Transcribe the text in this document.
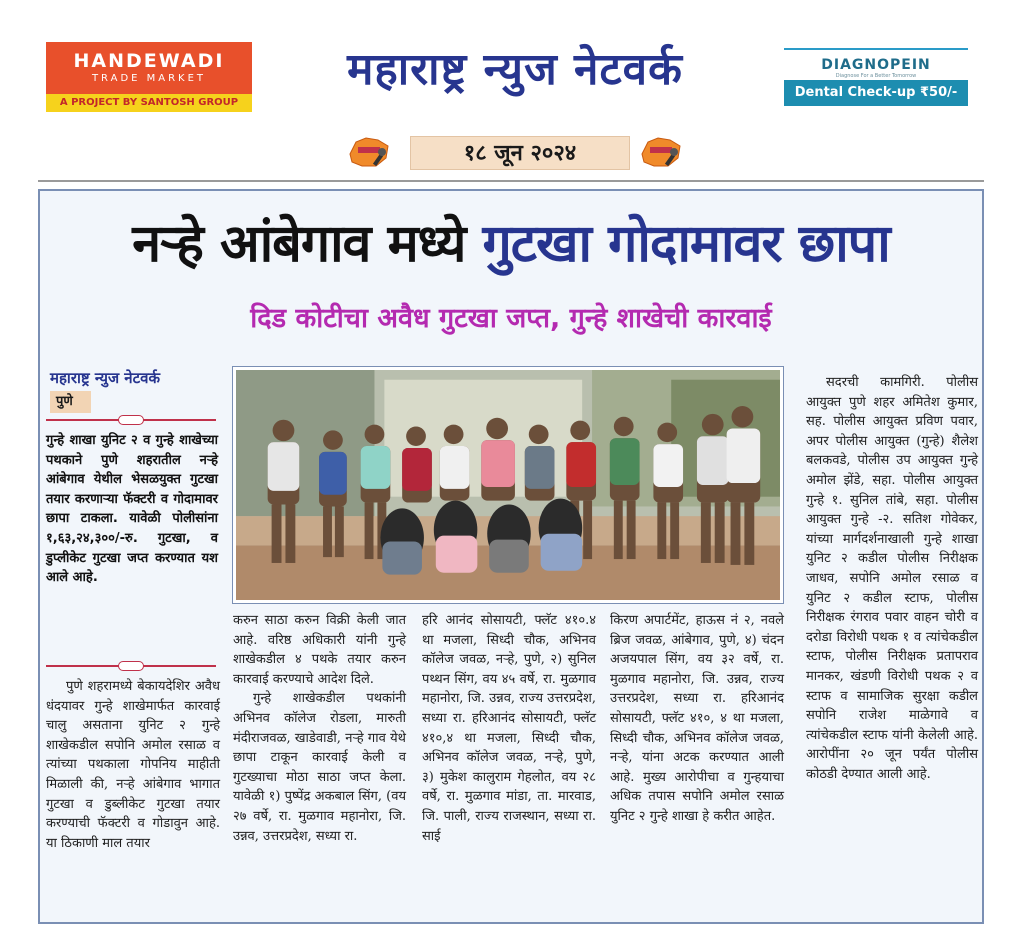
HANDEWADI
TRADE MARKET
A PROJECT BY SANTOSH GROUP
महाराष्ट्र न्युज नेटवर्क	DIAGNOPEIN
Diagnose For a Better Tomorrow
Dental Check-up ₹50/-
१८ जून २०२४
नऱ्हे आंबेगाव मध्ये गुटखा गोदामावर छापा
दिड कोटीचा अवैध गुटखा जप्त, गुन्हे शाखेची कारवाई
महाराष्ट्र न्युज नेटवर्क
पुणे
गुन्हे शाखा युनिट २ व गुन्हे शाखेच्या पथकाने पुणे शहरातील नऱ्हे आंबेगाव येथील भेसळयुक्त गुटखा तयार करणाऱ्या फॅक्टरी व गोदामावर छापा टाकला. यावेळी पोलीसांना १,६३,२४,३००/-रु. गुटखा, व डुप्लीकेट गुटखा जप्त करण्यात यश आले आहे.

पुणे शहरामध्ये बेकायदेशिर अवैध धंदयावर गुन्हे शाखेमार्फत कारवाई चालु असताना युनिट २ गुन्हे शाखेकडील सपोनि अमोल रसाळ व त्यांच्या पथकाला गोपनिय माहीती मिळाली की, नऱ्हे आंबेगाव भागात गुटखा व डुब्लीकेट गुटखा तयार करण्याची फॅक्टरी व गोडावुन आहे. या ठिकाणी माल तयार

करुन साठा करुन विक्री केली जात आहे. वरिष्ठ अधिकारी यांनी गुन्हे शाखेकडील ४ पथके तयार करुन कारवाई करण्याचे आदेश दिले.

गुन्हे शाखेकडील पथकांनी अभिनव कॉलेज रोडला, मारुती मंदीराजवळ, खाडेवाडी, नऱ्हे गाव येथे छापा टाकून कारवाई केली व गुटख्याचा मोठा साठा जप्त केला. यावेळी १) पुष्पेंद्र अकबाल सिंग, (वय २७ वर्षे, रा. मुळगाव महानोरा, जि. उन्नव, उत्तरप्रदेश, सध्या रा.

हरि आनंद सोसायटी, फ्लॅट ४१०.४ था मजला, सिध्दी चौक, अभिनव कॉलेज जवळ, नऱ्हे, पुणे, २) सुनिल पथ्थन सिंग, वय ४५ वर्षे, रा. मुळगाव महानोरा, जि. उन्नव, राज्य उत्तरप्रदेश, सध्या रा. हरिआनंद सोसायटी, फ्लॅट ४१०,४ था मजला, सिध्दी चौक, अभिनव कॉलेज जवळ, नऱ्हे, पुणे, ३) मुकेश कालुराम गेहलोत, वय २८ वर्षे, रा. मुळगाव मांडा, ता. मारवाड, जि. पाली, राज्य राजस्थान, सध्या रा. साई

किरण अपार्टमेंट, हाऊस नं २, नवले ब्रिज जवळ, आंबेगाव, पुणे, ४) चंदन अजयपाल सिंग, वय ३२ वर्षे, रा. मुळगाव महानोरा, जि. उन्नव, राज्य उत्तरप्रदेश, सध्या रा. हरिआनंद सोसायटी, फ्लॅट ४१०, ४ था मजला, सिध्दी चौक, अभिनव कॉलेज जवळ, नऱ्हे, यांना अटक करण्यात आली आहे. मुख्य आरोपीचा व गुन्हयाचा अधिक तपास सपोनि अमोल रसाळ युनिट २ गुन्हे शाखा हे करीत आहेत.

सदरची कामगिरी. पोलीस आयुक्त पुणे शहर अमितेश कुमार, सह. पोलीस आयुक्त प्रविण पवार, अपर पोलीस आयुक्त (गुन्हे) शैलेश बलकवडे, पोलीस उप आयुक्त गुन्हे अमोल झेंडे, सहा. पोलीस आयुक्त गुन्हे १. सुनिल तांबे, सहा. पोलीस आयुक्त गुन्हे -२. सतिश गोवेकर, यांच्या मार्गदर्शनाखाली गुन्हे शाखा युनिट २ कडील पोलीस निरीक्षक जाधव, सपोनि अमोल रसाळ व युनिट २ कडील स्टाफ, पोलीस निरीक्षक रंगराव पवार वाहन चोरी व दरोडा विरोधी पथक १ व त्यांचेकडील स्टाफ, पोलीस निरीक्षक प्रतापराव मानकर, खंडणी विरोधी पथक २ व स्टाफ व सामाजिक सुरक्षा कडील सपोनि राजेश माळेगावे व त्यांचेकडील स्टाफ यांनी केलेली आहे. आरोपींना २० जून पर्यंत पोलीस कोठडी देण्यात आली आहे.
